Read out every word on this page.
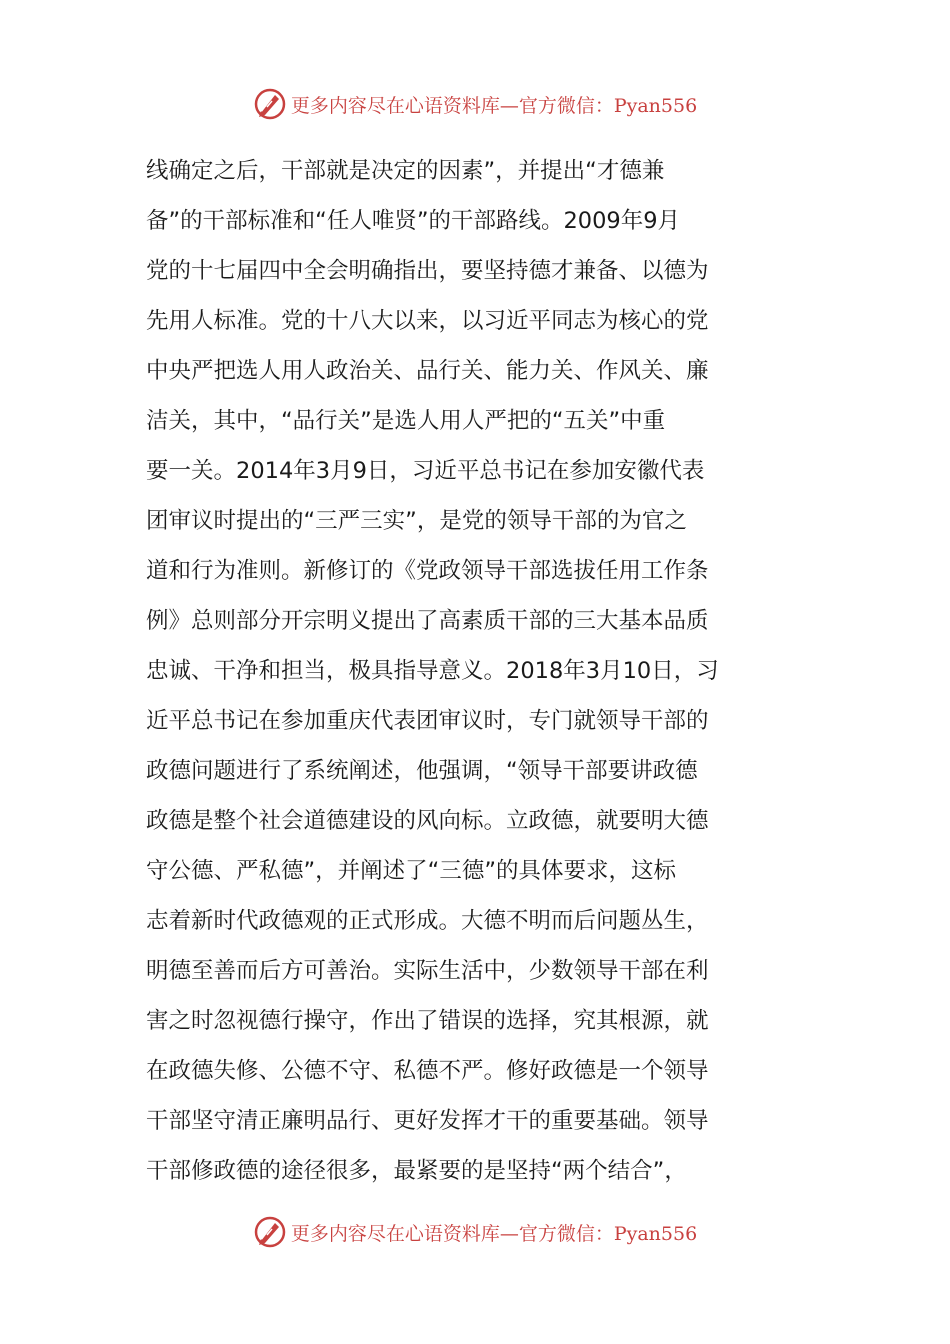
更多内容尽在心语资料库—官方微信：Pyan556
线确定之后，干部就是决定的因素”，并提出“才德兼
备”的干部标准和“任人唯贤”的干部路线。2009年9月
党的十七届四中全会明确指出，要坚持德才兼备、以德为
先用人标准。党的十八大以来，以习近平同志为核心的党
中央严把选人用人政治关、品行关、能力关、作风关、廉
洁关，其中，“品行关”是选人用人严把的“五关”中重
要一关。2014年3月9日，习近平总书记在参加安徽代表
团审议时提出的“三严三实”，是党的领导干部的为官之
道和行为准则。新修订的《党政领导干部选拔任用工作条
例》总则部分开宗明义提出了高素质干部的三大基本品质
忠诚、干净和担当，极具指导意义。2018年3月10日，习
近平总书记在参加重庆代表团审议时，专门就领导干部的
政德问题进行了系统阐述，他强调，“领导干部要讲政德
政德是整个社会道德建设的风向标。立政德，就要明大德
守公德、严私德”，并阐述了“三德”的具体要求，这标
志着新时代政德观的正式形成。大德不明而后问题丛生，
明德至善而后方可善治。实际生活中，少数领导干部在利
害之时忽视德行操守，作出了错误的选择，究其根源，就
在政德失修、公德不守、私德不严。修好政德是一个领导
干部坚守清正廉明品行、更好发挥才干的重要基础。领导
干部修政德的途径很多，最紧要的是坚持“两个结合”，
更多内容尽在心语资料库—官方微信：Pyan556
